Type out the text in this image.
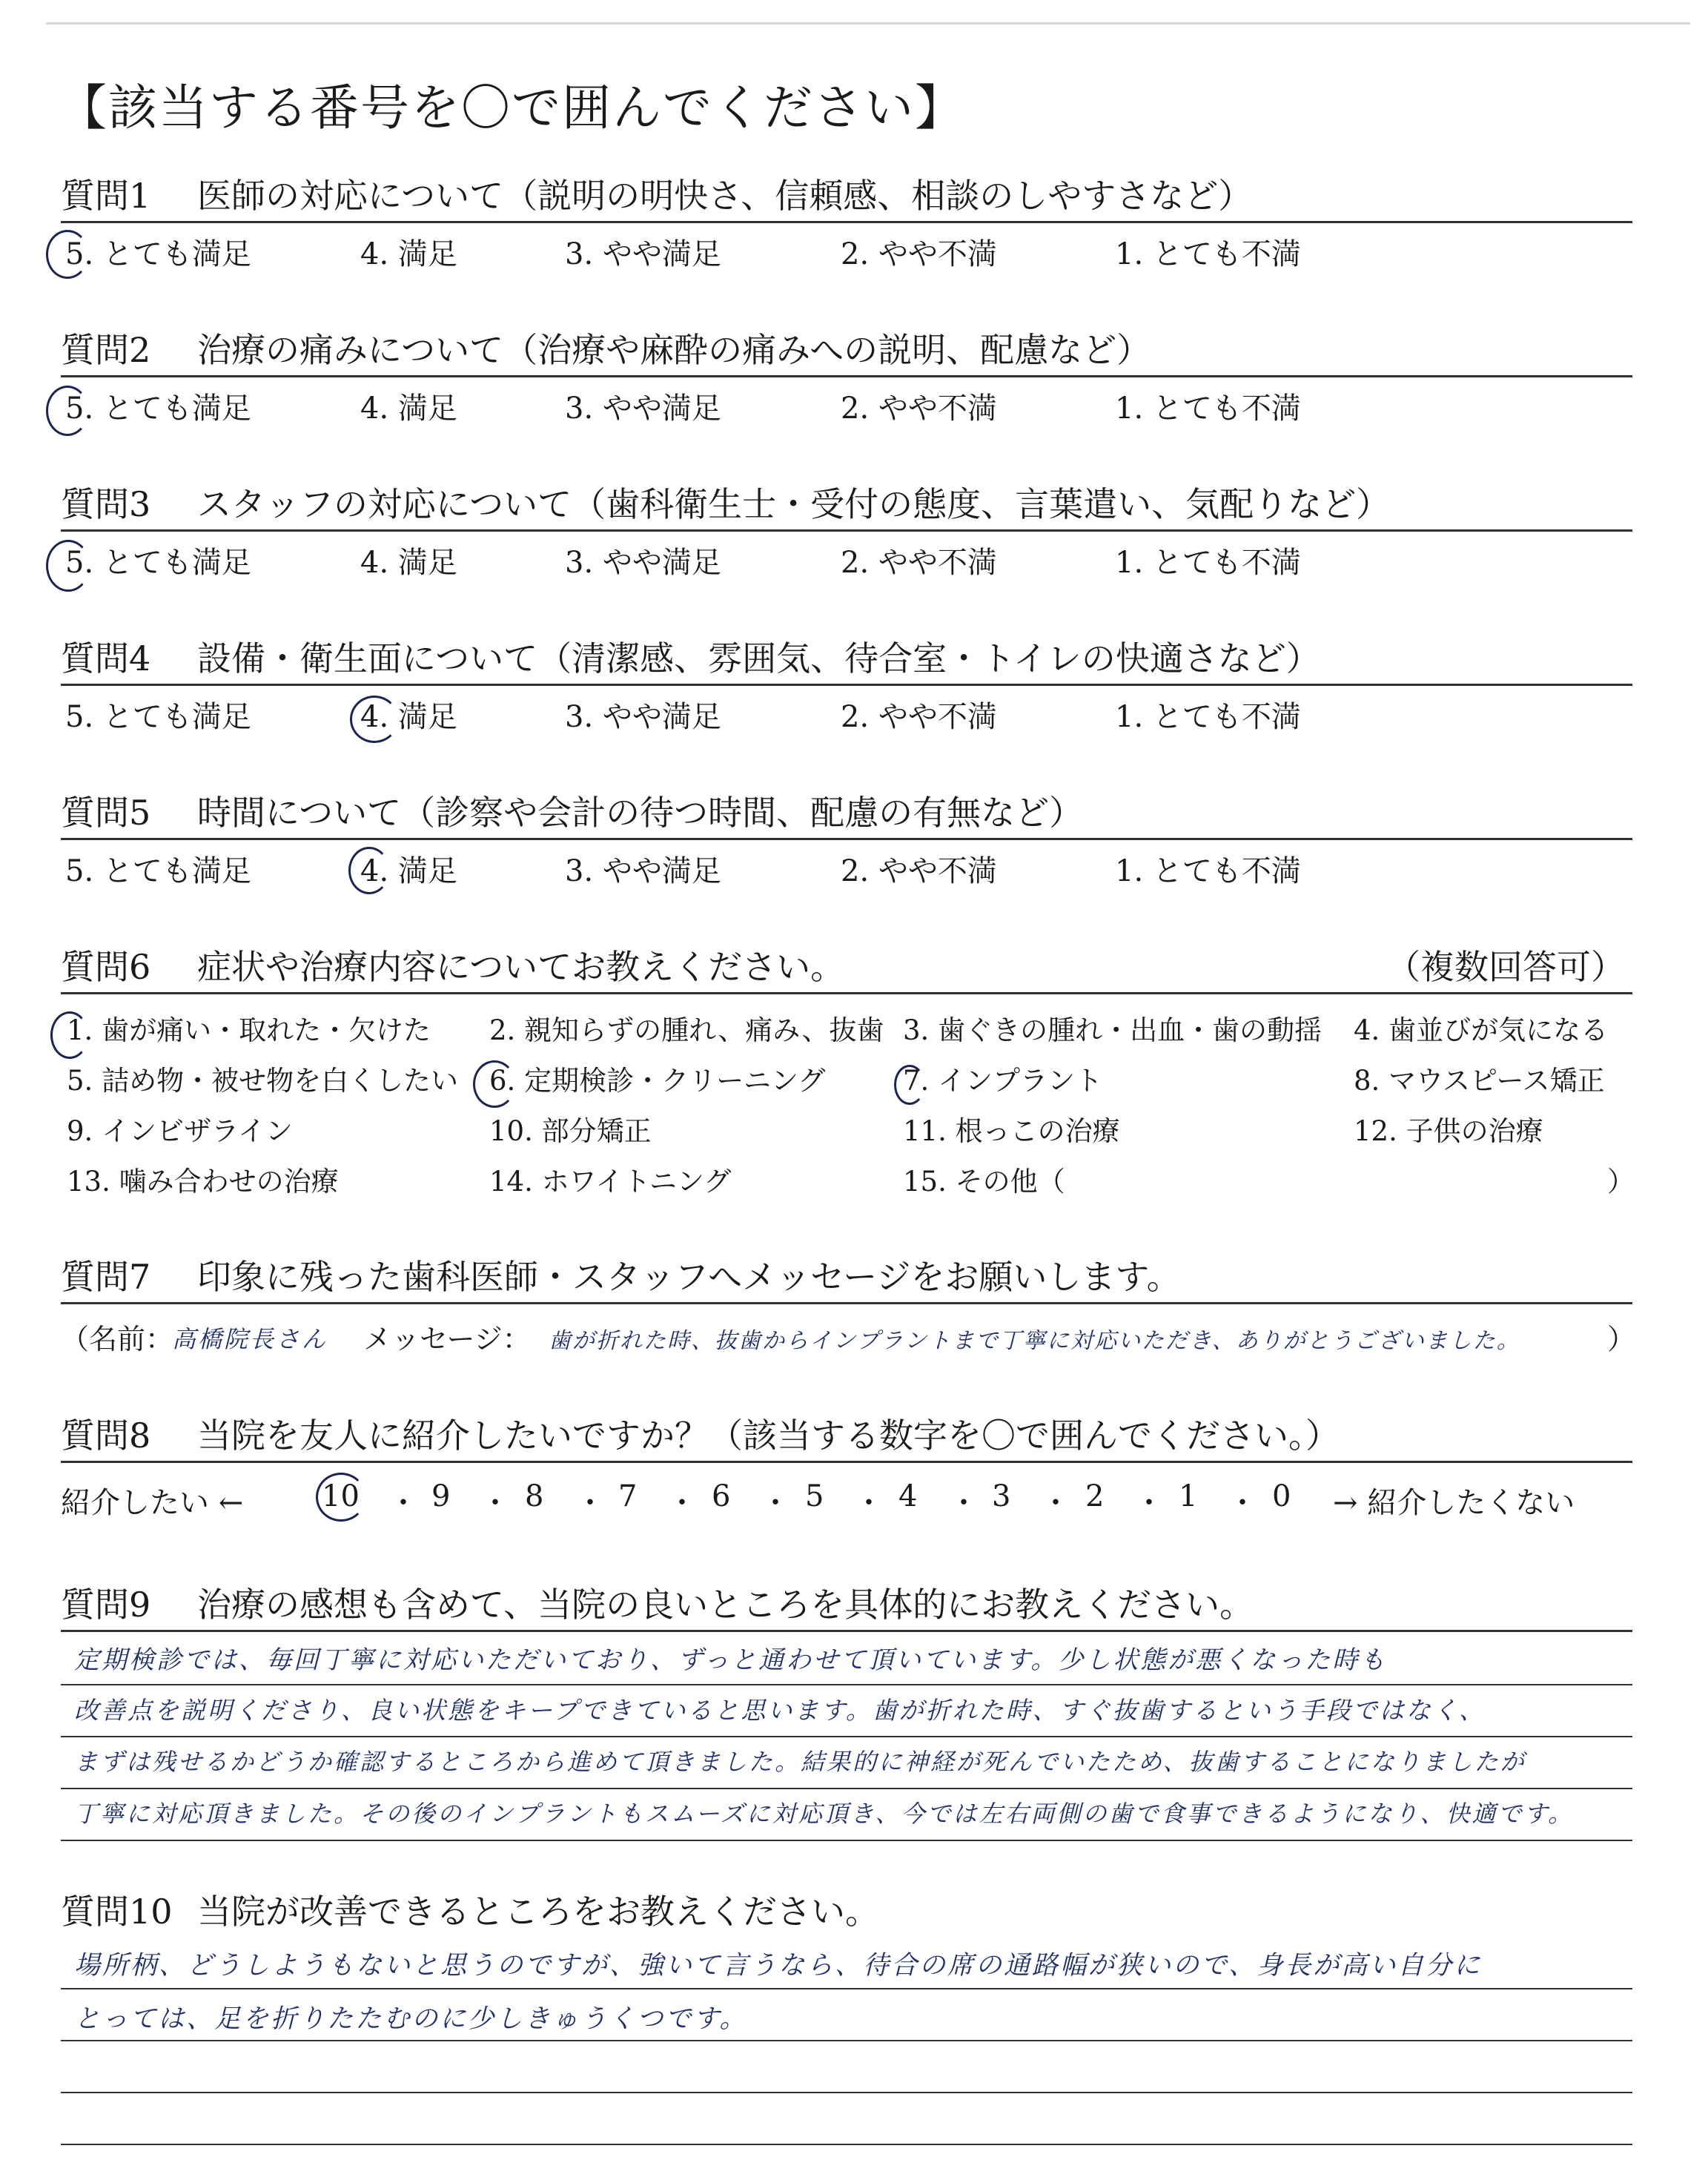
【該当する番号を〇で囲んでください】
質問1	医師の対応について（説明の明快さ、信頼感、相談のしやすさなど）
5. とても満足	4. 満足	3. やや満足	2. やや不満	1. とても不満
質問2	治療の痛みについて（治療や麻酔の痛みへの説明、配慮など）
5. とても満足	4. 満足	3. やや満足	2. やや不満	1. とても不満
質問3	スタッフの対応について（歯科衛生士・受付の態度、言葉遣い、気配りなど）
5. とても満足	4. 満足	3. やや満足	2. やや不満	1. とても不満
質問4	設備・衛生面について（清潔感、雰囲気、待合室・トイレの快適さなど）
5. とても満足	4. 満足	3. やや満足	2. やや不満	1. とても不満
質問5	時間について（診察や会計の待つ時間、配慮の有無など）
5. とても満足	4. 満足	3. やや満足	2. やや不満	1. とても不満
質問6	症状や治療内容についてお教えください。	（複数回答可）
1. 歯が痛い・取れた・欠けた 2. 親知らずの腫れ、痛み、抜歯 3. 歯ぐきの腫れ・出血・歯の動揺 4. 歯並びが気になる
5. 詰め物・被せ物を白くしたい 6. 定期検診・クリーニング	7. インプラント	8. マウスピース矯正
9. インビザライン	10. 部分矯正	11. 根っこの治療	12. 子供の治療
13. 噛み合わせの治療	14. ホワイトニング	15. その他（	）
質問7	印象に残った歯科医師・スタッフへメッセージをお願いします。
（名前：
高橋院長さん メッセージ： 歯が折れた時、抜歯からインプラントまで丁寧に対応いただき、ありがとうございました。	）
質問8	当院を友人に紹介したいですか？（該当する数字を〇で囲んでください。）
紹介したい ←	10 ・ 9 ・ 8 ・ 7 ・ 6 ・ 5 ・ 4 ・ 3 ・ 2 ・ 1 ・ 0 → 紹介したくない
質問9	治療の感想も含めて、当院の良いところを具体的にお教えください。
定期検診では、毎回丁寧に対応いただいており、ずっと通わせて頂いています。少し状態が悪くなった時も
改善点を説明くださり、良い状態をキープできていると思います。歯が折れた時、すぐ抜歯するという手段ではなく、
まずは残せるかどうか確認するところから進めて頂きました。結果的に神経が死んでいたため、抜歯することになりましたが
丁寧に対応頂きました。その後のインプラントもスムーズに対応頂き、今では左右両側の歯で食事できるようになり、快適です。
質問10 当院が改善できるところをお教えください。
場所柄、どうしようもないと思うのですが、強いて言うなら、待合の席の通路幅が狭いので、身長が高い自分に
とっては、足を折りたたむのに少しきゅうくつです。
